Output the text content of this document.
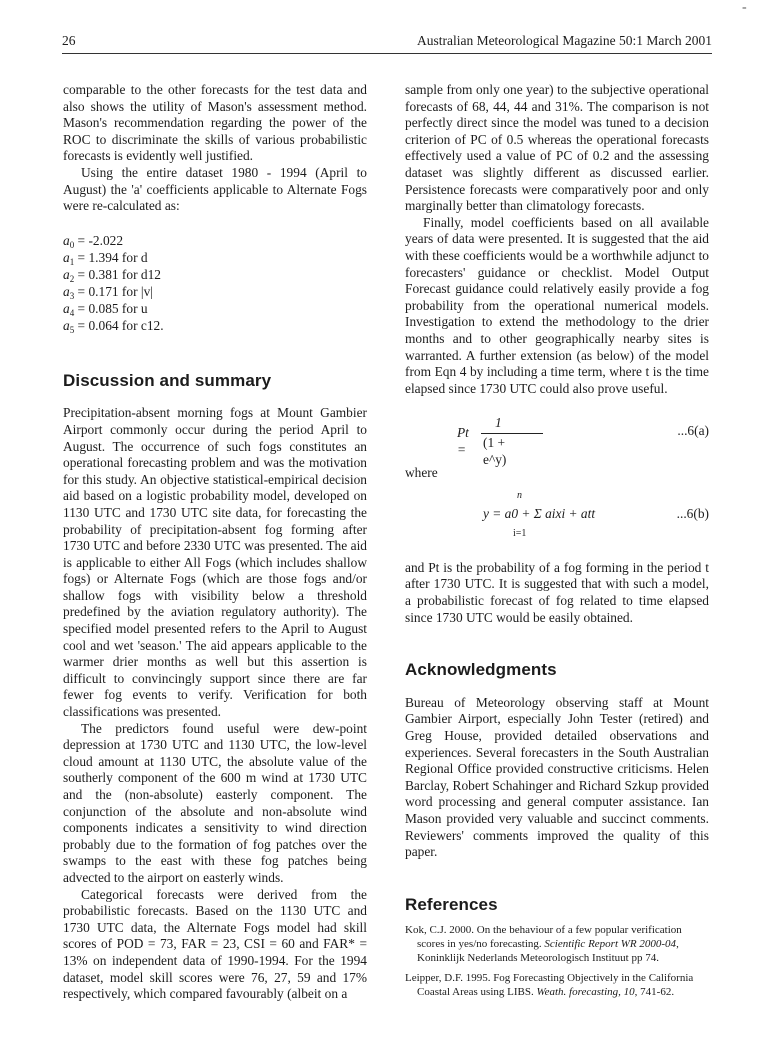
26	Australian Meteorological Magazine 50:1 March 2001
-

comparable to the other forecasts for the test data and also shows the utility of Mason's assessment method. Mason's recommendation regarding the power of the ROC to discriminate the skills of various probabilistic forecasts is evidently well justified.

Using the entire dataset 1980 - 1994 (April to August) the 'a' coefficients applicable to Alternate Fogs were re-calculated as:

$a_0 = -2.022$
$a_1 = 1.394$ for d
$a_2 = 0.381$ for d12
$a_3 = 0.171$ for |v|
$a_4 = 0.085$ for u
$a_5 = 0.064$ for c12.
Discussion and summary

Precipitation-absent morning fogs at Mount Gambier Airport commonly occur during the period April to August. The occurrence of such fogs constitutes an operational forecasting problem and was the motivation for this study. An objective statistical-empirical decision aid based on a logistic probability model, developed on 1130 UTC and 1730 UTC site data, for forecasting the probability of precipitation-absent fog forming after 1730 UTC and before 2330 UTC was presented. The aid is applicable to either All Fogs (which includes shallow fogs) or Alternate Fogs (which are those fogs and/or shallow fogs with visibility below a threshold predefined by the aviation regulatory authority). The specified model presented refers to the April to August cool and wet 'season.' The aid appears applicable to the warmer drier months as well but this assertion is difficult to convincingly support since there are far fewer fog events to verify. Verification for both classifications was presented.

The predictors found useful were dew-point depression at 1730 UTC and 1130 UTC, the low-level cloud amount at 1130 UTC, the absolute value of the southerly component of the 600 m wind at 1730 UTC and the (non-absolute) easterly component. The conjunction of the absolute and non-absolute wind components indicates a sensitivity to wind direction probably due to the formation of fog patches over the swamps to the east with these fog patches being advected to the airport on easterly winds.

Categorical forecasts were derived from the probabilistic forecasts. Based on the 1130 UTC and 1730 UTC data, the Alternate Fogs model had skill scores of POD = 73, FAR = 23, CSI = 60 and FAR* = 13% on independent data of 1990-1994. For the 1994 dataset, model skill scores were 76, 27, 59 and 17% respectively, which compared favourably (albeit on a

sample from only one year) to the subjective operational forecasts of 68, 44, 44 and 31%. The comparison is not perfectly direct since the model was tuned to a decision criterion of PC of 0.5 whereas the operational forecasts effectively used a value of PC of 0.2 and the assessing dataset was slightly different as discussed earlier. Persistence forecasts were comparatively poor and only marginally better than climatology forecasts.

Finally, model coefficients based on all available years of data were presented. It is suggested that the aid with these coefficients would be a worthwhile adjunct to forecasters' guidance or checklist. Model Output Forecast guidance could relatively easily provide a fog probability from the operational numerical models. Investigation to extend the methodology to the drier months and to other geographically nearby sites is warranted. A further extension (as below) of the model from Eqn 4 by including a time term, where t is the time elapsed since 1730 UTC could also prove useful.

Pt =
1
(1 + e^y)
...6(a)

where

n
y = a0 + Σ aixi + att
i=1
...6(b)

and Pt is the probability of a fog forming in the period t after 1730 UTC. It is suggested that with such a model, a probabilistic forecast of fog related to time elapsed since 1730 UTC would be easily obtained.

Acknowledgments

Bureau of Meteorology observing staff at Mount Gambier Airport, especially John Tester (retired) and Greg House, provided detailed observations and experiences. Several forecasters in the South Australian Regional Office provided constructive criticisms. Helen Barclay, Robert Schahinger and Richard Szkup provided word processing and general computer assistance. Ian Mason provided very valuable and succinct comments. Reviewers' comments improved the quality of this paper.

References

Kok, C.J. 2000. On the behaviour of a few popular verification scores in yes/no forecasting. Scientific Report WR 2000-04, Koninklijk Nederlands Meteorologisch Instituut pp 74.

Leipper, D.F. 1995. Fog Forecasting Objectively in the California Coastal Areas using LIBS. Weath. forecasting, 10, 741-62.
